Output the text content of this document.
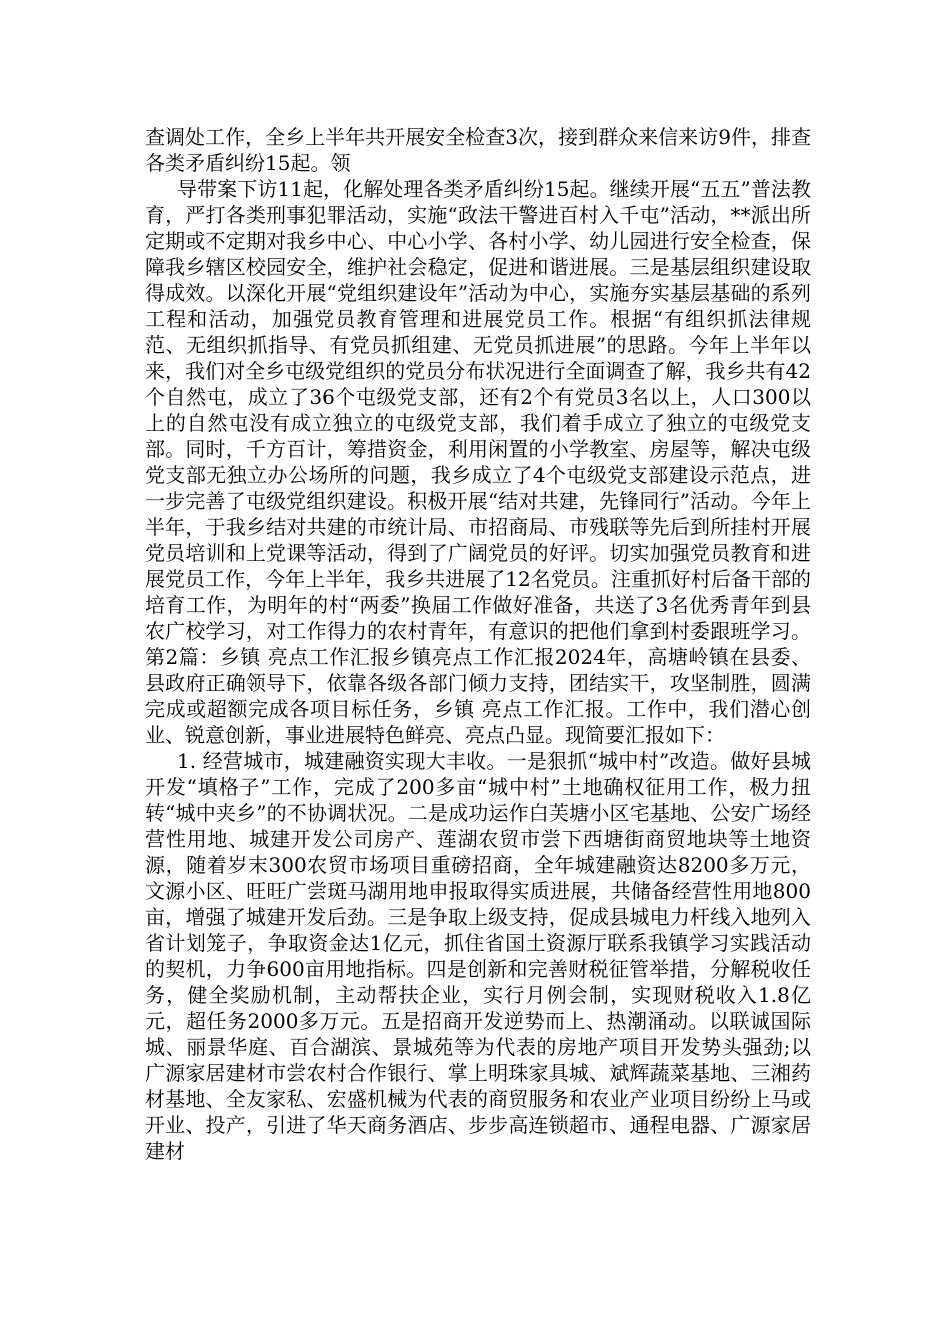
查调处工作，全乡上半年共开展安全检查3次，接到群众来信来访9件，排查各类矛盾纠纷15起。领

导带案下访11起，化解处理各类矛盾纠纷15起。继续开展“五五”普法教育，严打各类刑事犯罪活动，实施“政法干警进百村入千屯”活动，**派出所定期或不定期对我乡中心、中心小学、各村小学、幼儿园进行安全检查，保障我乡辖区校园安全，维护社会稳定，促进和谐进展。三是基层组织建设取得成效。以深化开展“党组织建设年”活动为中心，实施夯实基层基础的系列工程和活动，加强党员教育管理和进展党员工作。根据“有组织抓法律规范、无组织抓指导、有党员抓组建、无党员抓进展”的思路。今年上半年以来，我们对全乡屯级党组织的党员分布状况进行全面调查了解，我乡共有42个自然屯，成立了36个屯级党支部，还有2个有党员3名以上，人口300以上的自然屯没有成立独立的屯级党支部，我们着手成立了独立的屯级党支部。同时，千方百计，筹措资金，利用闲置的小学教室、房屋等，解决屯级党支部无独立办公场所的问题，我乡成立了4个屯级党支部建设示范点，进一步完善了屯级党组织建设。积极开展“结对共建，先锋同行”活动。今年上半年，于我乡结对共建的市统计局、市招商局、市残联等先后到所挂村开展党员培训和上党课等活动，得到了广阔党员的好评。切实加强党员教育和进展党员工作，今年上半年，我乡共进展了12名党员。注重抓好村后备干部的培育工作，为明年的村“两委”换届工作做好准备，共送了3名优秀青年到县农广校学习，对工作得力的农村青年，有意识的把他们拿到村委跟班学习。第2篇：乡镇 亮点工作汇报乡镇亮点工作汇报2024年，高塘岭镇在县委、县政府正确领导下，依靠各级各部门倾力支持，团结实干，攻坚制胜，圆满完成或超额完成各项目标任务，乡镇 亮点工作汇报。工作中，我们潜心创业、锐意创新，事业进展特色鲜亮、亮点凸显。现简要汇报如下：

1. 经营城市，城建融资实现大丰收。一是狠抓“城中村”改造。做好县城开发“填格子”工作，完成了200多亩“城中村”土地确权征用工作，极力扭转“城中夹乡”的不协调状况。二是成功运作白芙塘小区宅基地、公安广场经营性用地、城建开发公司房产、莲湖农贸市尝下西塘街商贸地块等土地资源，随着岁末300农贸市场项目重磅招商，全年城建融资达8200多万元，文源小区、旺旺广尝斑马湖用地申报取得实质进展，共储备经营性用地800亩，增强了城建开发后劲。三是争取上级支持，促成县城电力杆线入地列入省计划笼子，争取资金达1亿元，抓住省国土资源厅联系我镇学习实践活动的契机，力争600亩用地指标。四是创新和完善财税征管举措，分解税收任务，健全奖励机制，主动帮扶企业，实行月例会制，实现财税收入1.8亿元，超任务2000多万元。五是招商开发逆势而上、热潮涌动。以联诚国际城、丽景华庭、百合湖滨、景城苑等为代表的房地产项目开发势头强劲;以广源家居建材市尝农村合作银行、掌上明珠家具城、斌辉蔬菜基地、三湘药材基地、全友家私、宏盛机械为代表的商贸服务和农业产业项目纷纷上马或开业、投产，引进了华天商务酒店、步步高连锁超市、通程电器、广源家居建材
